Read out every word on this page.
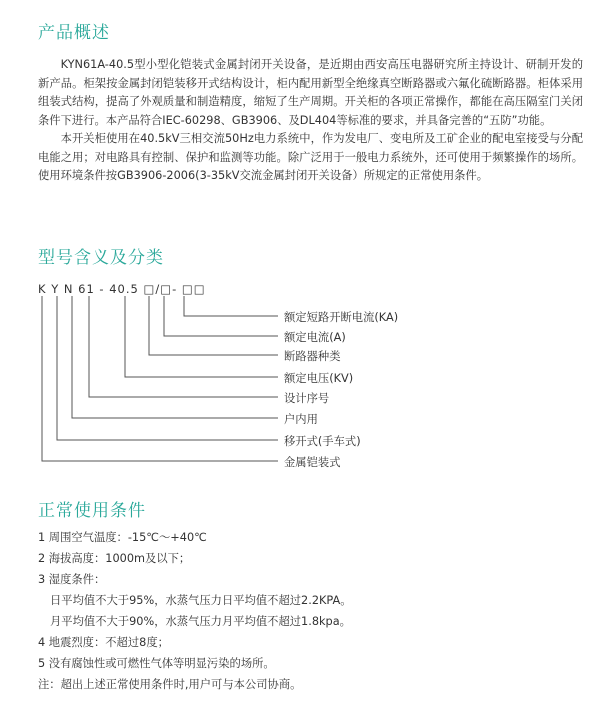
产品概述

KYN61A-40.5型小型化铠装式金属封闭开关设备，是近期由西安高压电器研究所主持设计、研制开发的新产品。柜架按金属封闭铠装移开式结构设计，柜内配用新型全绝缘真空断路器或六氟化硫断路器。柜体采用组装式结构，提高了外观质量和制造精度，缩短了生产周期。开关柜的各项正常操作，都能在高压隔室门关闭条件下进行。本产品符合IEC-60298、GB3906、及DL404等标准的要求，并具备完善的“五防”功能。

本开关柜使用在40.5kV三相交流50Hz电力系统中，作为发电厂、变电所及工矿企业的配电室接受与分配电能之用；对电路具有控制、保护和监测等功能。除广泛用于一般电力系统外，还可使用于频繁操作的场所。使用环境条件按GB3906-2006(3-35kV交流金属封闭开关设备）所规定的正常使用条件。

型号含义及分类
K Y N 61 - 40.5 □/□- □□
额定短路开断电流(KA)
额定电流(A)
断路器种类
额定电压(KV)
设计序号
户内用
移开式(手车式)
金属铠装式
正常使用条件
1 周围空气温度：-15℃～+40℃
2 海拔高度：1000m及以下；
3 湿度条件：
日平均值不大于95%，水蒸气压力日平均值不超过2.2KPA。
月平均值不大于90%，水蒸气压力月平均值不超过1.8kpa。
4 地震烈度：不超过8度；
5 没有腐蚀性或可燃性气体等明显污染的场所。
注：超出上述正常使用条件时,用户可与本公司协商。
